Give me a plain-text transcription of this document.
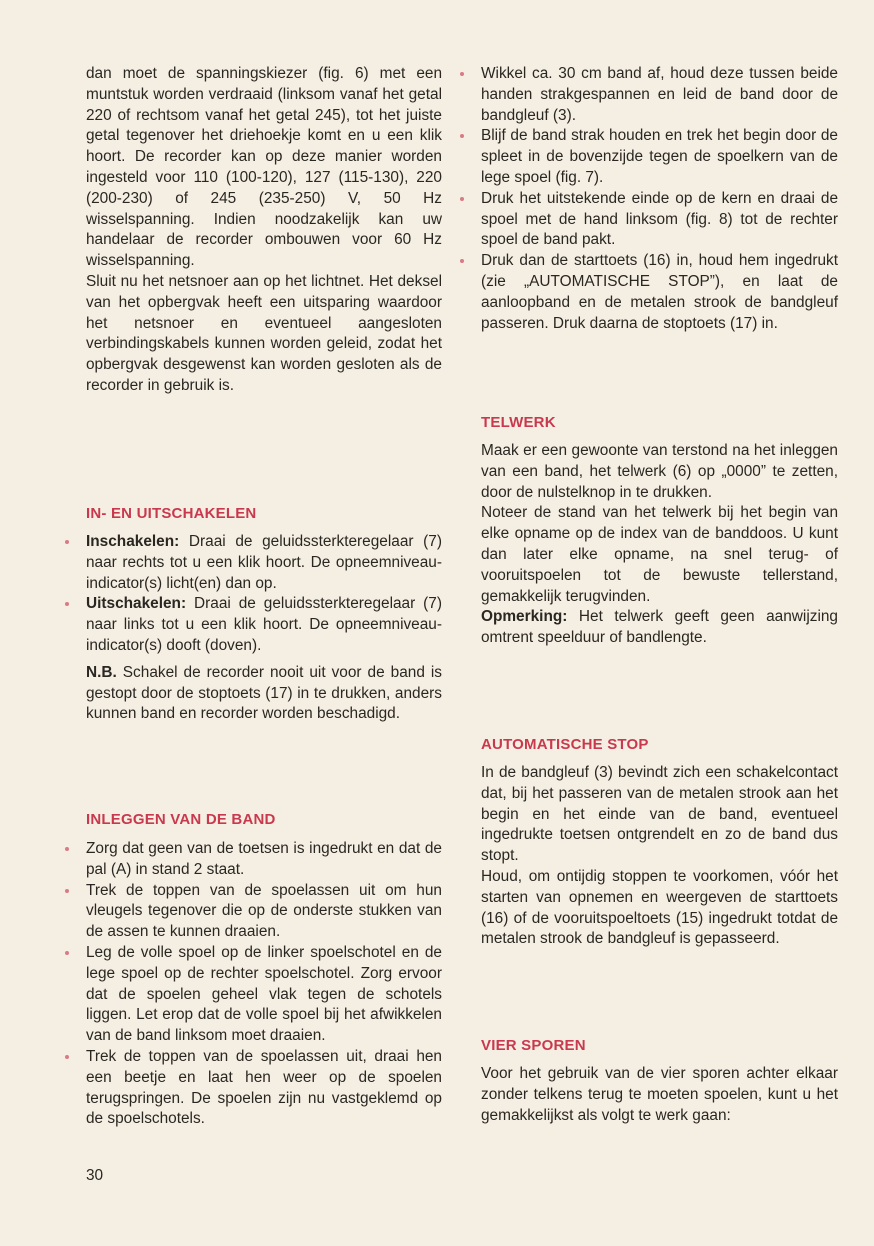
dan moet de spanningskiezer (fig. 6) met een muntstuk worden verdraaid (linksom vanaf het getal 220 of rechtsom vanaf het getal 245), tot het juiste getal tegenover het driehoekje komt en u een klik hoort. De recorder kan op deze manier worden ingesteld voor 110 (100-120), 127 (115-130), 220 (200-230) of 245 (235-250) V, 50 Hz wisselspanning. Indien noodzakelijk kan uw handelaar de recorder ombouwen voor 60 Hz wisselspanning.

Sluit nu het netsnoer aan op het lichtnet. Het deksel van het opbergvak heeft een uitsparing waardoor het netsnoer en eventueel aangesloten verbindingskabels kunnen worden geleid, zodat het opbergvak desgewenst kan worden gesloten als de recorder in gebruik is.

IN- EN UITSCHAKELEN
Inschakelen: Draai de geluidssterkteregelaar (7) naar rechts tot u een klik hoort. De opneemniveau-indicator(s) licht(en) dan op.
Uitschakelen: Draai de geluidssterkteregelaar (7) naar links tot u een klik hoort. De opneemniveau-indicator(s) dooft (doven).

N.B. Schakel de recorder nooit uit voor de band is gestopt door de stoptoets (17) in te drukken, anders kunnen band en recorder worden beschadigd.

INLEGGEN VAN DE BAND
Zorg dat geen van de toetsen is ingedrukt en dat de pal (A) in stand 2 staat.
Trek de toppen van de spoelassen uit om hun vleugels tegenover die op de onderste stukken van de assen te kunnen draaien.
Leg de volle spoel op de linker spoelschotel en de lege spoel op de rechter spoelschotel. Zorg ervoor dat de spoelen geheel vlak tegen de schotels liggen. Let erop dat de volle spoel bij het afwikkelen van de band linksom moet draaien.
Trek de toppen van de spoelassen uit, draai hen een beetje en laat hen weer op de spoelen terugspringen. De spoelen zijn nu vastgeklemd op de spoelschotels.
30
Wikkel ca. 30 cm band af, houd deze tussen beide handen strakgespannen en leid de band door de bandgleuf (3).
Blijf de band strak houden en trek het begin door de spleet in de bovenzijde tegen de spoelkern van de lege spoel (fig. 7).
Druk het uitstekende einde op de kern en draai de spoel met de hand linksom (fig. 8) tot de rechter spoel de band pakt.
Druk dan de starttoets (16) in, houd hem ingedrukt (zie „AUTOMATISCHE STOP”), en laat de aanloopband en de metalen strook de bandgleuf passeren. Druk daarna de stoptoets (17) in.
TELWERK

Maak er een gewoonte van terstond na het inleggen van een band, het telwerk (6) op „0000” te zetten, door de nulstelknop in te drukken.

Noteer de stand van het telwerk bij het begin van elke opname op de index van de banddoos. U kunt dan later elke opname, na snel terug- of vooruitspoelen tot de bewuste tellerstand, gemakkelijk terugvinden.

Opmerking: Het telwerk geeft geen aanwijzing omtrent speelduur of bandlengte.

AUTOMATISCHE STOP

In de bandgleuf (3) bevindt zich een schakelcontact dat, bij het passeren van de metalen strook aan het begin en het einde van de band, eventueel ingedrukte toetsen ontgrendelt en zo de band dus stopt.

Houd, om ontijdig stoppen te voorkomen, vóór het starten van opnemen en weergeven de starttoets (16) of de vooruitspoeltoets (15) ingedrukt totdat de metalen strook de bandgleuf is gepasseerd.

VIER SPOREN

Voor het gebruik van de vier sporen achter elkaar zonder telkens terug te moeten spoelen, kunt u het gemakkelijkst als volgt te werk gaan:
